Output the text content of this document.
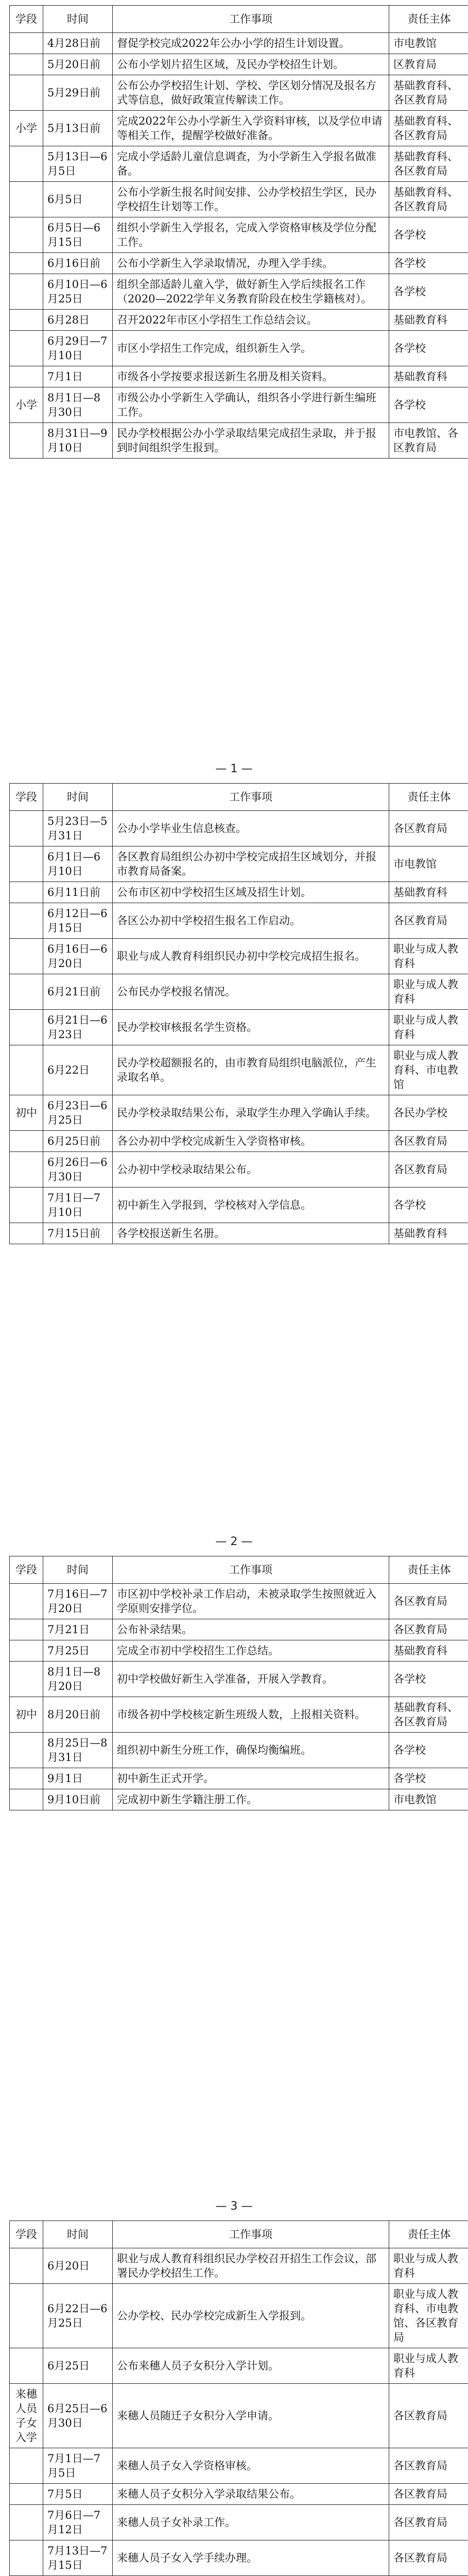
学段	时间	工作事项	责任主体
	4月28日前	督促学校完成2022年公办小学的招生计划设置。	市电教馆
	5月20日前	公布小学划片招生区域，及民办学校招生计划。	区教育局
	5月29日前	公布公办学校招生计划、学校、学区划分情况及报名方式等信息，做好政策宣传解读工作。	基础教育科、各区教育局
小学	5月13日前	完成2022年公办小学新生入学资料审核，以及学位申请等相关工作，提醒学校做好准备。	基础教育科、各区教育局
	5月13日—6月5日	完成小学适龄儿童信息调查，为小学新生入学报名做准备。	基础教育科、各区教育局
	6月5日	公布小学新生报名时间安排、公办学校招生学区，民办学校招生计划等工作。	基础教育科、各区教育局
	6月5日—6月15日	组织小学新生入学报名，完成入学资格审核及学位分配工作。	各学校
	6月16日前	公布小学新生入学录取情况，办理入学手续。	各学校
	6月10日—6月25日	组织全部适龄儿童入学，做好新生入学后续报名工作（2020—2022学年义务教育阶段在校生学籍核对）。	各学校
	6月28日	召开2022年市区小学招生工作总结会议。	基础教育科
	6月29日—7月10日	市区小学招生工作完成，组织新生入学。	各学校
	7月1日	市级各小学按要求报送新生名册及相关资料。	基础教育科
小学	8月1日—8月30日	市级公办小学新生入学确认，组织各小学进行新生编班工作。	各学校
	8月31日—9月10日	民办学校根据公办小学录取结果完成招生录取，并于报到时间组织学生报到。	市电教馆、各区教育局
— 1 —
学段	时间	工作事项	责任主体
	5月23日—5月31日	公办小学毕业生信息核查。	各区教育局
	6月1日—6月10日	各区教育局组织公办初中学校完成招生区域划分，并报市教育局备案。	市电教馆
	6月11日前	公布市区初中学校招生区域及招生计划。	基础教育科
	6月12日—6月15日	各区公办初中学校招生报名工作启动。	各区教育局
	6月16日—6月20日	职业与成人教育科组织民办初中学校完成招生报名。	职业与成人教育科
	6月21日前	公布民办学校报名情况。	职业与成人教育科
	6月21日—6月23日	民办学校审核报名学生资格。	职业与成人教育科
	6月22日	民办学校超额报名的，由市教育局组织电脑派位，产生录取名单。	职业与成人教育科、市电教馆
初中	6月23日—6月25日	民办学校录取结果公布，录取学生办理入学确认手续。	各民办学校
	6月25日前	各公办初中学校完成新生入学资格审核。	各区教育局
	6月26日—6月30日	公办初中学校录取结果公布。	各区教育局
	7月1日—7月10日	初中新生入学报到，学校核对入学信息。	各学校
	7月15日前	各学校报送新生名册。	基础教育科
— 2 —
学段	时间	工作事项	责任主体
	7月16日—7月20日	市区初中学校补录工作启动，未被录取学生按照就近入学原则安排学位。	各区教育局
	7月21日	公布补录结果。	各区教育局
	7月25日	完成全市初中学校招生工作总结。	基础教育科
	8月1日—8月20日	初中学校做好新生入学准备，开展入学教育。	各学校
初中	8月20日前	市级各初中学校核定新生班级人数，上报相关资料。	基础教育科、各区教育局
	8月25日—8月31日	组织初中新生分班工作，确保均衡编班。	各学校
	9月1日	初中新生正式开学。	各学校
	9月10日前	完成初中新生学籍注册工作。	市电教馆
— 3 —
学段	时间	工作事项	责任主体
	6月20日	职业与成人教育科组织民办学校召开招生工作会议，部署民办学校招生工作。	职业与成人教育科
	6月22日—6月25日	公办学校、民办学校完成新生入学报到。	职业与成人教育科、市电教馆、各区教育局
	6月25日	公布来穗人员子女积分入学计划。	职业与成人教育科
来穗人员子女入学	6月25日—6月30日	来穗人员随迁子女积分入学申请。	各区教育局
	7月1日—7月5日	来穗人员子女入学资格审核。	各区教育局
	7月5日	来穗人员子女积分入学录取结果公布。	各区教育局
	7月6日—7月12日	来穗人员子女补录工作。	各区教育局
	7月13日—7月15日	来穗人员子女入学手续办理。	各区教育局
